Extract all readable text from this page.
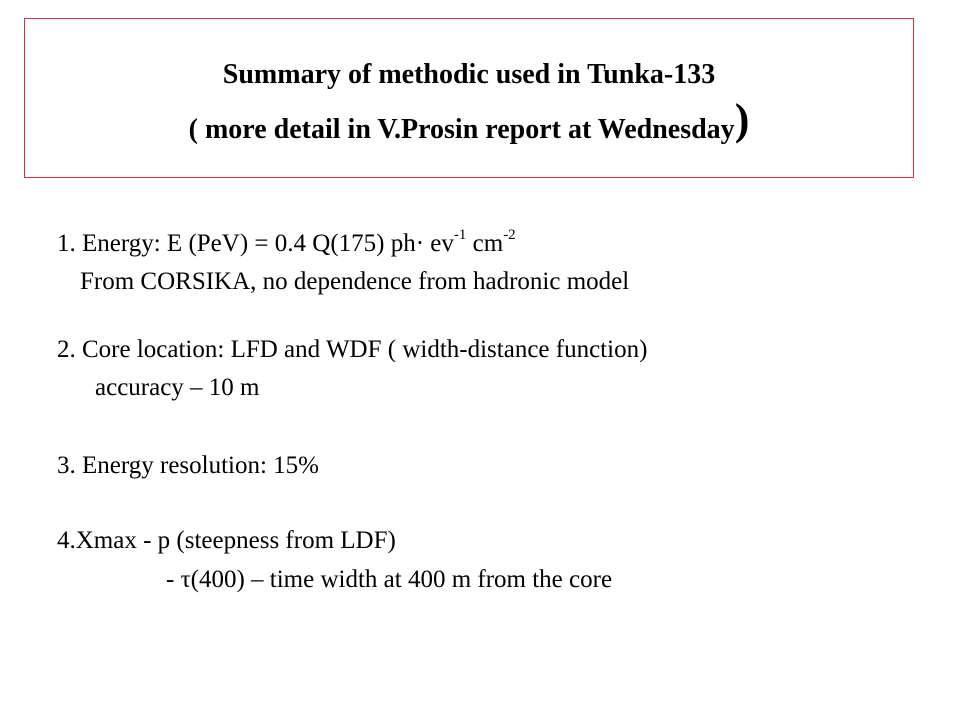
Summary of methodic used in Tunka-133
( more detail in V.Prosin report at Wednesday)
1. Energy: E (PeV) = 0.4 Q(175) $ph\cdot ev^{-1}$ $cm^{-2}$
From CORSIKA, no dependence from hadronic model
2. Core location: LFD and WDF ( width-distance function)
accuracy – 10 m
3. Energy resolution: 15%
4.Xmax - p (steepness from LDF)
- τ(400) – time width at 400 m from the core
